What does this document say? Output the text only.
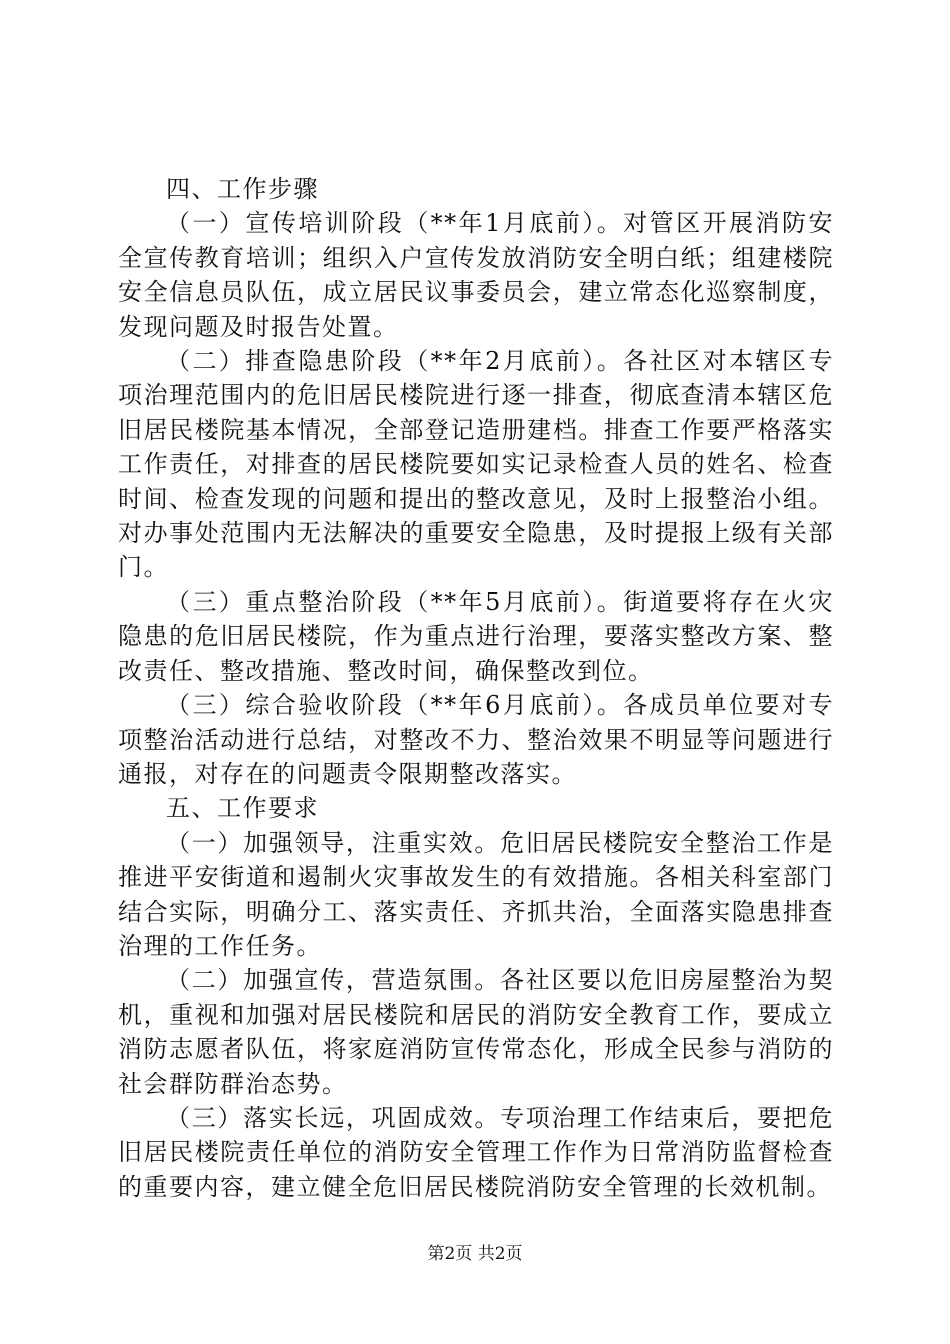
四、工作步骤

（一）宣传培训阶段（**年1月底前）。对管区开展消防安全宣传教育培训；组织入户宣传发放消防安全明白纸；组建楼院安全信息员队伍，成立居民议事委员会，建立常态化巡察制度，发现问题及时报告处置。

（二）排查隐患阶段（**年2月底前）。各社区对本辖区专项治理范围内的危旧居民楼院进行逐一排查，彻底查清本辖区危旧居民楼院基本情况，全部登记造册建档。排查工作要严格落实工作责任，对排查的居民楼院要如实记录检查人员的姓名、检查时间、检查发现的问题和提出的整改意见，及时上报整治小组。对办事处范围内无法解决的重要安全隐患，及时提报上级有关部门。

（三）重点整治阶段（**年5月底前）。街道要将存在火灾隐患的危旧居民楼院，作为重点进行治理，要落实整改方案、整改责任、整改措施、整改时间，确保整改到位。

（三）综合验收阶段（**年6月底前）。各成员单位要对专项整治活动进行总结，对整改不力、整治效果不明显等问题进行通报，对存在的问题责令限期整改落实。

五、工作要求

（一）加强领导，注重实效。危旧居民楼院安全整治工作是推进平安街道和遏制火灾事故发生的有效措施。各相关科室部门结合实际，明确分工、落实责任、齐抓共治，全面落实隐患排查治理的工作任务。

（二）加强宣传，营造氛围。各社区要以危旧房屋整治为契机，重视和加强对居民楼院和居民的消防安全教育工作，要成立消防志愿者队伍，将家庭消防宣传常态化，形成全民参与消防的社会群防群治态势。

（三）落实长远，巩固成效。专项治理工作结束后，要把危旧居民楼院责任单位的消防安全管理工作作为日常消防监督检查的重要内容，建立健全危旧居民楼院消防安全管理的长效机制。

第2页 共2页
